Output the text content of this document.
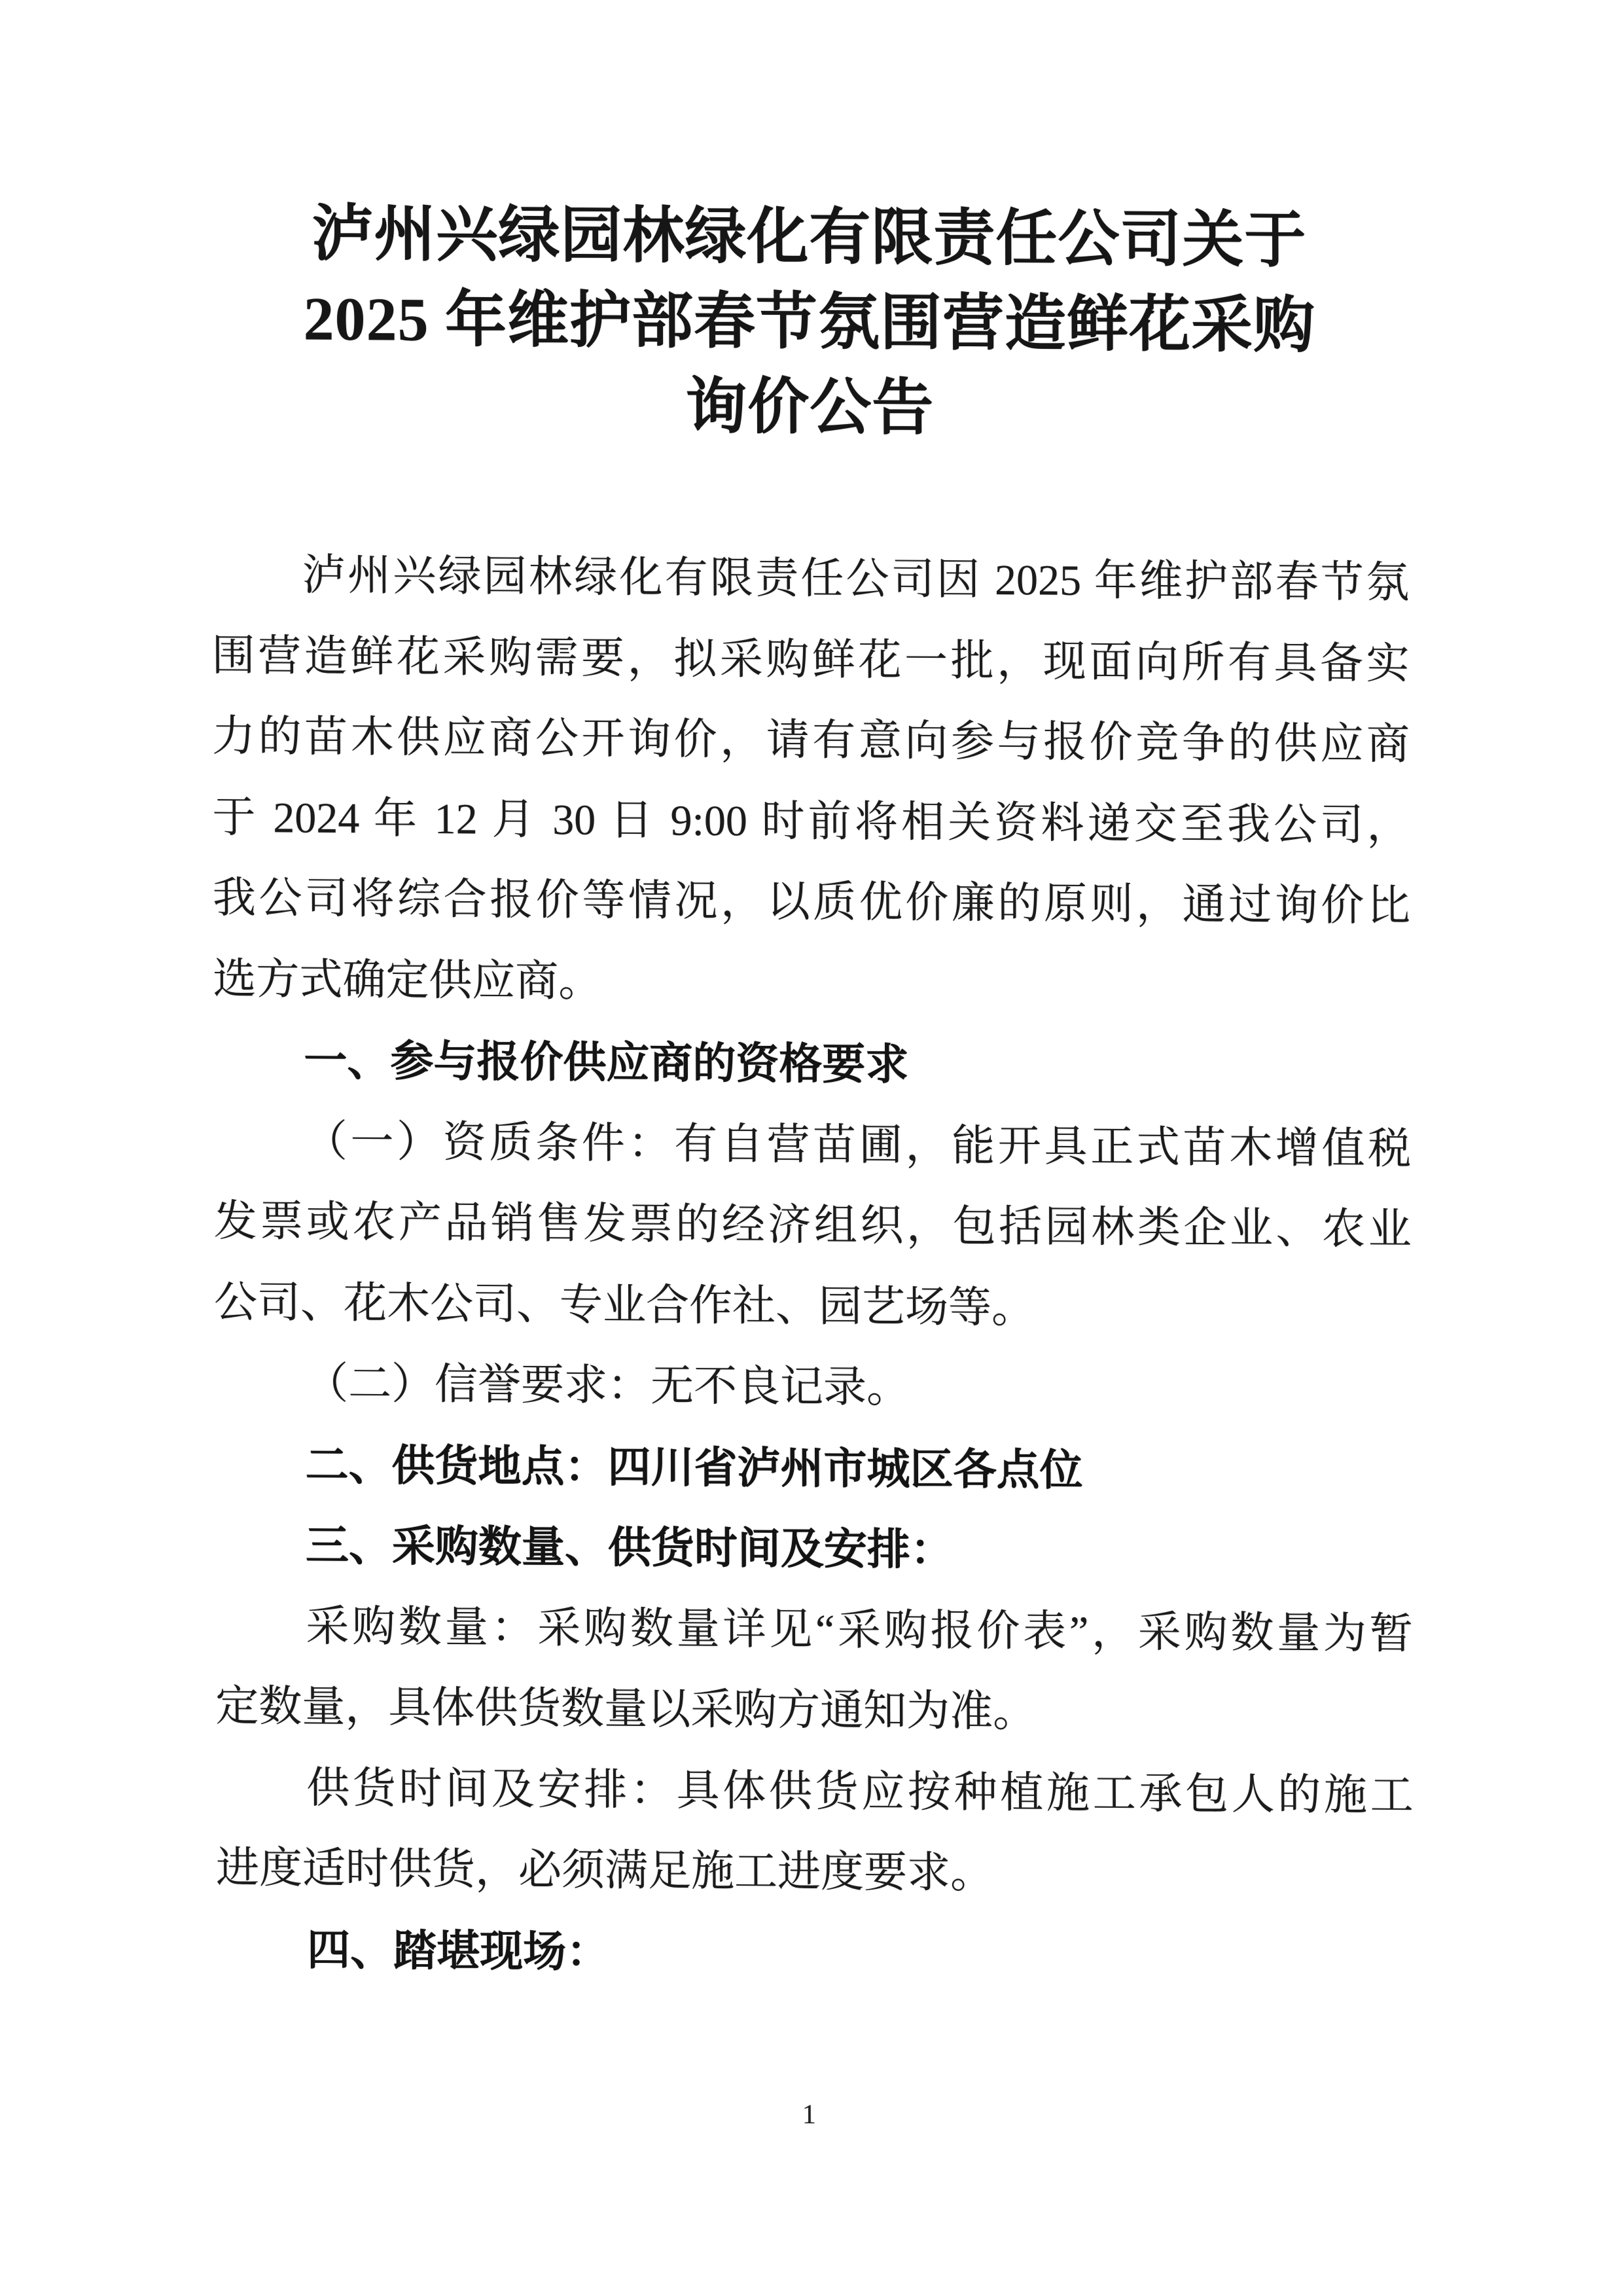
泸州兴绿园林绿化有限责任公司关于
2025 年维护部春节氛围营造鲜花采购
询价公告
泸州兴绿园林绿化有限责任公司因 2025 年维护部春节氛
围营造鲜花采购需要，拟采购鲜花一批，现面向所有具备实
力的苗木供应商公开询价，请有意向参与报价竞争的供应商
于 2024 年 12 月 30 日 9:00 时前将相关资料递交至我公司，
我公司将综合报价等情况，以质优价廉的原则，通过询价比
选方式确定供应商。
一、参与报价供应商的资格要求
（一）资质条件：有自营苗圃，能开具正式苗木增值税
发票或农产品销售发票的经济组织，包括园林类企业、农业
公司、花木公司、专业合作社、园艺场等。
（二）信誉要求：无不良记录。
二、供货地点：四川省泸州市城区各点位
三、采购数量、供货时间及安排：
采购数量：采购数量详见“采购报价表”，采购数量为暂
定数量，具体供货数量以采购方通知为准。
供货时间及安排：具体供货应按种植施工承包人的施工
进度适时供货，必须满足施工进度要求。
四、踏堪现场：
1
